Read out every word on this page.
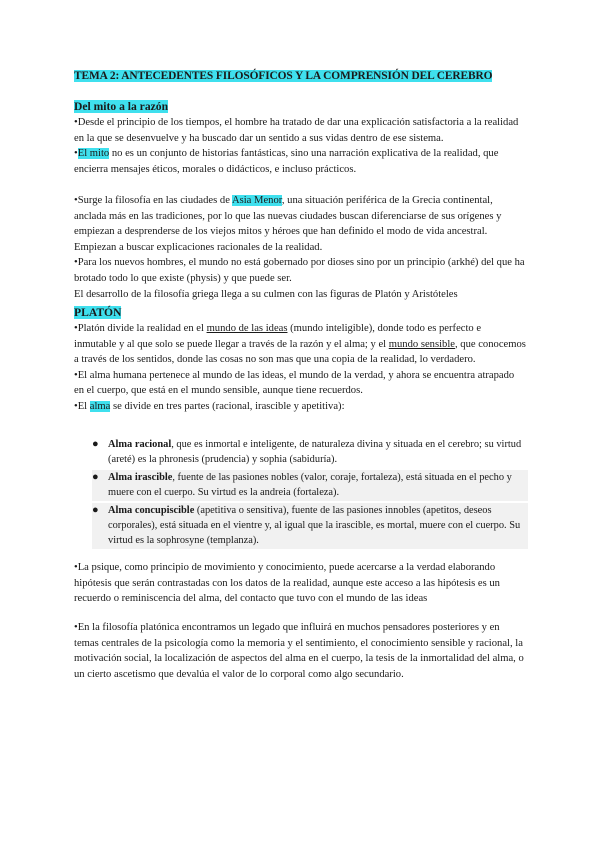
TEMA 2: ANTECEDENTES FILOSÓFICOS Y LA COMPRENSIÓN DEL CEREBRO
Del mito a la razón

•Desde el principio de los tiempos, el hombre ha tratado de dar una explicación satisfactoria a la realidad en la que se desenvuelve y ha buscado dar un sentido a sus vidas dentro de ese sistema.

•El mito no es un conjunto de historias fantásticas, sino una narración explicativa de la realidad, que encierra mensajes éticos, morales o didácticos, e incluso prácticos.

•Surge la filosofía en las ciudades de Asia Menor, una situación periférica de la Grecia continental, anclada más en las tradiciones, por lo que las nuevas ciudades buscan diferenciarse de sus orígenes y empiezan a desprenderse de los viejos mitos y héroes que han definido el modo de vida ancestral. Empiezan a buscar explicaciones racionales de la realidad.

•Para los nuevos hombres, el mundo no está gobernado por dioses sino por un principio (arkhé) del que ha brotado todo lo que existe (physis) y que puede ser.

El desarrollo de la filosofía griega llega a su culmen con las figuras de Platón y Aristóteles

PLATÓN

•Platón divide la realidad en el mundo de las ideas (mundo inteligible), donde todo es perfecto e inmutable y al que solo se puede llegar a través de la razón y el alma; y el mundo sensible, que conocemos a través de los sentidos, donde las cosas no son mas que una copia de la realidad, lo verdadero.

•El alma humana pertenece al mundo de las ideas, el mundo de la verdad, y ahora se encuentra atrapado en el cuerpo, que está en el mundo sensible, aunque tiene recuerdos.

•El alma se divide en tres partes (racional, irascible y apetitiva):

● Alma racional, que es inmortal e inteligente, de naturaleza divina y situada en el cerebro; su virtud (areté) es la phronesis (prudencia) y sophia (sabiduría).
● Alma irascible, fuente de las pasiones nobles (valor, coraje, fortaleza), está situada en el pecho y muere con el cuerpo. Su virtud es la andreia (fortaleza).
● Alma concupiscible (apetitiva o sensitiva), fuente de las pasiones innobles (apetitos, deseos corporales), está situada en el vientre y, al igual que la irascible, es mortal, muere con el cuerpo. Su virtud es la sophrosyne (templanza).

•La psique, como principio de movimiento y conocimiento, puede acercarse a la verdad elaborando hipótesis que serán contrastadas con los datos de la realidad, aunque este acceso a las hipótesis es un recuerdo o reminiscencia del alma, del contacto que tuvo con el mundo de las ideas

•En la filosofía platónica encontramos un legado que influirá en muchos pensadores posteriores y en temas centrales de la psicología como la memoria y el sentimiento, el conocimiento sensible y racional, la motivación social, la localización de aspectos del alma en el cuerpo, la tesis de la inmortalidad del alma, o un cierto ascetismo que devalúa el valor de lo corporal como algo secundario.
